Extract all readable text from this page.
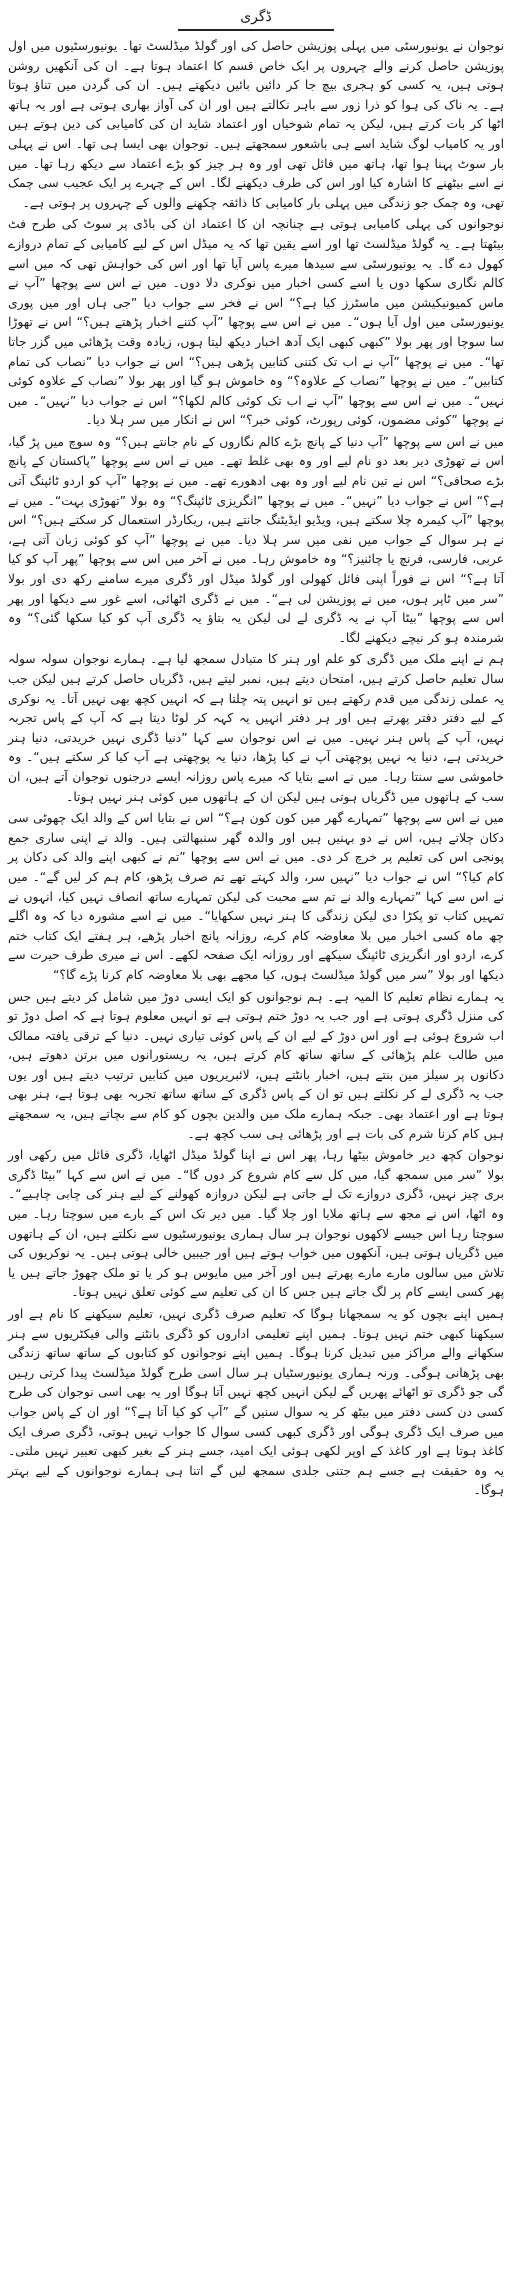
ڈگری

نوجوان نے یونیورسٹی میں پہلی پوزیشن حاصل کی اور گولڈ میڈلسٹ تھا۔ یونیورسٹیوں میں اول پوزیشن حاصل کرنے والے چہروں پر ایک خاص قسم کا اعتماد ہوتا ہے۔ ان کی آنکھیں روشن ہوتی ہیں، یہ کسی کو ہجری بیچ جا کر دائیں بائیں دیکھتے ہیں۔ ان کی گردن میں تناؤ ہوتا ہے۔ یہ ناک کی ہوا کو ذرا زور سے باہر نکالتے ہیں اور ان کی آواز بھاری ہوتی ہے اور یہ ہاتھ اٹھا کر بات کرتے ہیں، لیکن یہ تمام شوخیاں اور اعتماد شاید ان کی کامیابی کی دین ہوتے ہیں اور یہ کامیاب لوگ شاید اسے ہی باشعور سمجھتے ہیں۔ نوجوان بھی ایسا ہی تھا۔ اس نے پہلی بار سوٹ پہنا ہوا تھا، ہاتھ میں فائل تھی اور وہ ہر چیز کو بڑے اعتماد سے دیکھ رہا تھا۔ میں نے اسے بیٹھنے کا اشارہ کیا اور اس کی طرف دیکھنے لگا۔ اس کے چہرے پر ایک عجیب سی چمک تھی، وہ چمک جو زندگی میں پہلی بار کامیابی کا ذائقہ چکھنے والوں کے چہروں پر ہوتی ہے۔

نوجوانوں کی پہلی کامیابی ہوتی ہے چنانچہ ان کا اعتماد ان کی باڈی پر سوٹ کی طرح فٹ بیٹھتا ہے۔ یہ گولڈ میڈلسٹ تھا اور اسے یقین تھا کہ یہ میڈل اس کے لیے کامیابی کے تمام دروازے کھول دے گا۔ یہ یونیورسٹی سے سیدھا میرے پاس آیا تھا اور اس کی خواہش تھی کہ میں اسے کالم نگاری سکھا دوں یا اسے کسی اخبار میں نوکری دلا دوں۔ میں نے اس سے پوچھا ”آپ نے ماس کمیونیکیشن میں ماسٹرز کیا ہے؟“ اس نے فخر سے جواب دیا ”جی ہاں اور میں پوری یونیورسٹی میں اول آیا ہوں“۔ میں نے اس سے پوچھا ”آپ کتنے اخبار پڑھتے ہیں؟“ اس نے تھوڑا سا سوچا اور پھر بولا ”کبھی کبھی ایک آدھ اخبار دیکھ لیتا ہوں، زیادہ وقت پڑھائی میں گزر جاتا تھا“۔ میں نے پوچھا ”آپ نے اب تک کتنی کتابیں پڑھی ہیں؟“ اس نے جواب دیا ”نصاب کی تمام کتابیں“۔ میں نے پوچھا ”نصاب کے علاوہ؟“ وہ خاموش ہو گیا اور پھر بولا ”نصاب کے علاوہ کوئی نہیں“۔ میں نے اس سے پوچھا ”آپ نے اب تک کوئی کالم لکھا؟“ اس نے جواب دیا ”نہیں“۔ میں نے پوچھا ”کوئی مضمون، کوئی رپورٹ، کوئی خبر؟“ اس نے انکار میں سر ہلا دیا۔

میں نے اس سے پوچھا ”آپ دنیا کے پانچ بڑے کالم نگاروں کے نام جانتے ہیں؟“ وہ سوچ میں پڑ گیا، اس نے تھوڑی دیر بعد دو نام لیے اور وہ بھی غلط تھے۔ میں نے اس سے پوچھا ”پاکستان کے پانچ بڑے صحافی؟“ اس نے تین نام لیے اور وہ بھی ادھورے تھے۔ میں نے پوچھا ”آپ کو اردو ٹائپنگ آتی ہے؟“ اس نے جواب دیا ”نہیں“۔ میں نے پوچھا ”انگریزی ٹائپنگ؟“ وہ بولا ”تھوڑی بہت“۔ میں نے پوچھا ”آپ کیمرہ چلا سکتے ہیں، ویڈیو ایڈیٹنگ جانتے ہیں، ریکارڈر استعمال کر سکتے ہیں؟“ اس نے ہر سوال کے جواب میں نفی میں سر ہلا دیا۔ میں نے پوچھا ”آپ کو کوئی زبان آتی ہے، عربی، فارسی، فرنچ یا چائنیز؟“ وہ خاموش رہا۔ میں نے آخر میں اس سے پوچھا ”پھر آپ کو کیا آتا ہے؟“ اس نے فوراً اپنی فائل کھولی اور گولڈ میڈل اور ڈگری میرے سامنے رکھ دی اور بولا ”سر میں ٹاپر ہوں، میں نے پوزیشن لی ہے“۔ میں نے ڈگری اٹھائی، اسے غور سے دیکھا اور پھر اس سے پوچھا ”بیٹا آپ نے یہ ڈگری لے لی لیکن یہ بتاؤ یہ ڈگری آپ کو کیا سکھا گئی؟“ وہ شرمندہ ہو کر نیچے دیکھنے لگا۔

ہم نے اپنے ملک میں ڈگری کو علم اور ہنر کا متبادل سمجھ لیا ہے۔ ہمارے نوجوان سولہ سولہ سال تعلیم حاصل کرتے ہیں، امتحان دیتے ہیں، نمبر لیتے ہیں، ڈگریاں حاصل کرتے ہیں لیکن جب یہ عملی زندگی میں قدم رکھتے ہیں تو انہیں پتہ چلتا ہے کہ انہیں کچھ بھی نہیں آتا۔ یہ نوکری کے لیے دفتر دفتر پھرتے ہیں اور ہر دفتر انہیں یہ کہہ کر لوٹا دیتا ہے کہ آپ کے پاس تجربہ نہیں، آپ کے پاس ہنر نہیں۔ میں نے اس نوجوان سے کہا ”دنیا ڈگری نہیں خریدتی، دنیا ہنر خریدتی ہے، دنیا یہ نہیں پوچھتی آپ نے کیا پڑھا، دنیا یہ پوچھتی ہے آپ کیا کر سکتے ہیں“۔ وہ خاموشی سے سنتا رہا۔ میں نے اسے بتایا کہ میرے پاس روزانہ ایسے درجنوں نوجوان آتے ہیں، ان سب کے ہاتھوں میں ڈگریاں ہوتی ہیں لیکن ان کے ہاتھوں میں کوئی ہنر نہیں ہوتا۔

میں نے اس سے پوچھا ”تمہارے گھر میں کون کون ہے؟“ اس نے بتایا اس کے والد ایک چھوٹی سی دکان چلاتے ہیں، اس نے دو بہنیں ہیں اور والدہ گھر سنبھالتی ہیں۔ والد نے اپنی ساری جمع پونجی اس کی تعلیم پر خرچ کر دی۔ میں نے اس سے پوچھا ”تم نے کبھی اپنے والد کی دکان پر کام کیا؟“ اس نے جواب دیا ”نہیں سر، والد کہتے تھے تم صرف پڑھو، کام ہم کر لیں گے“۔ میں نے اس سے کہا ”تمہارے والد نے تم سے محبت کی لیکن تمہارے ساتھ انصاف نہیں کیا، انہوں نے تمہیں کتاب تو پکڑا دی لیکن زندگی کا ہنر نہیں سکھایا“۔ میں نے اسے مشورہ دیا کہ وہ اگلے چھ ماہ کسی اخبار میں بلا معاوضہ کام کرے، روزانہ پانچ اخبار پڑھے، ہر ہفتے ایک کتاب ختم کرے، اردو اور انگریزی ٹائپنگ سیکھے اور روزانہ ایک صفحہ لکھے۔ اس نے میری طرف حیرت سے دیکھا اور بولا ”سر میں گولڈ میڈلسٹ ہوں، کیا مجھے بھی بلا معاوضہ کام کرنا پڑے گا؟“

یہ ہمارے نظام تعلیم کا المیہ ہے۔ ہم نوجوانوں کو ایک ایسی دوڑ میں شامل کر دیتے ہیں جس کی منزل ڈگری ہوتی ہے اور جب یہ دوڑ ختم ہوتی ہے تو انہیں معلوم ہوتا ہے کہ اصل دوڑ تو اب شروع ہوئی ہے اور اس دوڑ کے لیے ان کے پاس کوئی تیاری نہیں۔ دنیا کے ترقی یافتہ ممالک میں طالب علم پڑھائی کے ساتھ ساتھ کام کرتے ہیں، یہ ریستورانوں میں برتن دھوتے ہیں، دکانوں پر سیلز مین بنتے ہیں، اخبار بانٹتے ہیں، لائبریریوں میں کتابیں ترتیب دیتے ہیں اور یوں جب یہ ڈگری لے کر نکلتے ہیں تو ان کے پاس ڈگری کے ساتھ ساتھ تجربہ بھی ہوتا ہے، ہنر بھی ہوتا ہے اور اعتماد بھی۔ جبکہ ہمارے ملک میں والدین بچوں کو کام سے بچاتے ہیں، یہ سمجھتے ہیں کام کرنا شرم کی بات ہے اور پڑھائی ہی سب کچھ ہے۔

نوجوان کچھ دیر خاموش بیٹھا رہا، پھر اس نے اپنا گولڈ میڈل اٹھایا، ڈگری فائل میں رکھی اور بولا ”سر میں سمجھ گیا، میں کل سے کام شروع کر دوں گا“۔ میں نے اس سے کہا ”بیٹا ڈگری بری چیز نہیں، ڈگری دروازے تک لے جاتی ہے لیکن دروازہ کھولنے کے لیے ہنر کی چابی چاہیے“۔ وہ اٹھا، اس نے مجھ سے ہاتھ ملایا اور چلا گیا۔ میں دیر تک اس کے بارے میں سوچتا رہا۔ میں سوچتا رہا اس جیسے لاکھوں نوجوان ہر سال ہماری یونیورسٹیوں سے نکلتے ہیں، ان کے ہاتھوں میں ڈگریاں ہوتی ہیں، آنکھوں میں خواب ہوتے ہیں اور جیبیں خالی ہوتی ہیں۔ یہ نوکریوں کی تلاش میں سالوں مارے مارے پھرتے ہیں اور آخر میں مایوس ہو کر یا تو ملک چھوڑ جاتے ہیں یا پھر کسی ایسے کام پر لگ جاتے ہیں جس کا ان کی تعلیم سے کوئی تعلق نہیں ہوتا۔

ہمیں اپنے بچوں کو یہ سمجھانا ہوگا کہ تعلیم صرف ڈگری نہیں، تعلیم سیکھنے کا نام ہے اور سیکھنا کبھی ختم نہیں ہوتا۔ ہمیں اپنے تعلیمی اداروں کو ڈگری بانٹنے والی فیکٹریوں سے ہنر سکھانے والے مراکز میں تبدیل کرنا ہوگا۔ ہمیں اپنے نوجوانوں کو کتابوں کے ساتھ ساتھ زندگی بھی پڑھانی ہوگی۔ ورنہ ہماری یونیورسٹیاں ہر سال اسی طرح گولڈ میڈلسٹ پیدا کرتی رہیں گی جو ڈگری تو اٹھائے پھریں گے لیکن انہیں کچھ نہیں آتا ہوگا اور یہ بھی اسی نوجوان کی طرح کسی دن کسی دفتر میں بیٹھ کر یہ سوال سنیں گے ”آپ کو کیا آتا ہے؟“ اور ان کے پاس جواب میں صرف ایک ڈگری ہوگی اور ڈگری کبھی کسی سوال کا جواب نہیں ہوتی، ڈگری صرف ایک کاغذ ہوتا ہے اور کاغذ کے اوپر لکھی ہوئی ایک امید، جسے ہنر کے بغیر کبھی تعبیر نہیں ملتی۔ یہ وہ حقیقت ہے جسے ہم جتنی جلدی سمجھ لیں گے اتنا ہی ہمارے نوجوانوں کے لیے بہتر ہوگا۔
